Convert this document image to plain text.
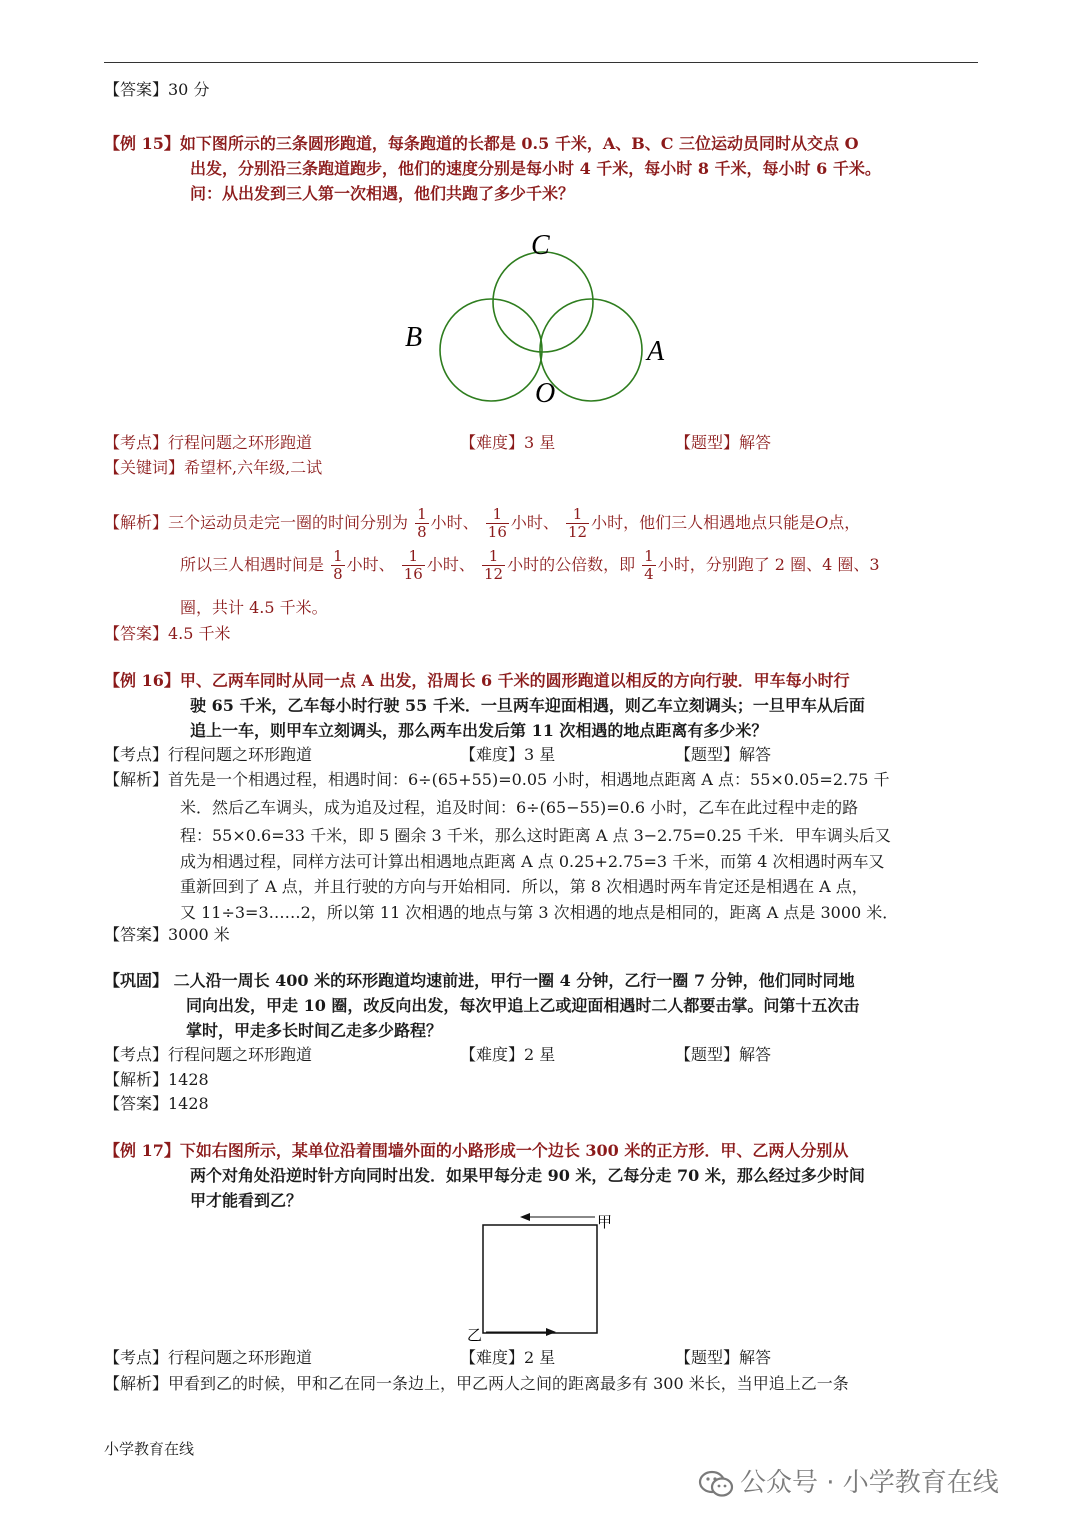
【答案】30 分
【例 15】如下图所示的三条圆形跑道，每条跑道的长都是 0.5 千米，A、B、C 三位运动员同时从交点 O
出发，分别沿三条跑道跑步，他们的速度分别是每小时 4 千米，每小时 8 千米，每小时 6 千米。
问：从出发到三人第一次相遇，他们共跑了多少千米？
C
B	A
O
【考点】行程问题之环形跑道	【难度】3 星	【题型】解答
【关键词】希望杯,六年级,二试
【解析】三个运动员走完一圈的时间分别为 $\frac{1}{8}$ 小时、 $\frac{1}{16}$ 小时、 $\frac{1}{12}$ 小时，他们三人相遇地点只能是O点，
所以三人相遇时间是 $\frac{1}{8}$ 小时、 $\frac{1}{16}$ 小时、 $\frac{1}{12}$ 小时的公倍数，即 $\frac{1}{4}$ 小时，分别跑了 2 圈、4 圈、3
圈，共计 4.5 千米。
【答案】4.5 千米
【例 16】甲、乙两车同时从同一点 A 出发，沿周长 6 千米的圆形跑道以相反的方向行驶．甲车每小时行
驶 65 千米，乙车每小时行驶 55 千米．一旦两车迎面相遇，则乙车立刻调头；一旦甲车从后面
追上一车，则甲车立刻调头，那么两车出发后第 11 次相遇的地点距离有多少米？
【考点】行程问题之环形跑道	【难度】3 星	【题型】解答
【解析】首先是一个相遇过程，相遇时间：6÷(65+55)=0.05 小时，相遇地点距离 A 点：55×0.05=2.75 千
米．然后乙车调头，成为追及过程，追及时间：6÷(65−55)=0.6 小时，乙车在此过程中走的路
程：55×0.6=33 千米，即 5 圈余 3 千米，那么这时距离 A 点 3−2.75=0.25 千米．甲车调头后又
成为相遇过程，同样方法可计算出相遇地点距离 A 点 0.25+2.75=3 千米，而第 4 次相遇时两车又
重新回到了 A 点，并且行驶的方向与开始相同．所以，第 8 次相遇时两车肯定还是相遇在 A 点，
又 11÷3=3……2，所以第 11 次相遇的地点与第 3 次相遇的地点是相同的，距离 A 点是 3000 米．
【答案】3000 米
【巩固】 二人沿一周长 400 米的环形跑道均速前进，甲行一圈 4 分钟，乙行一圈 7 分钟，他们同时同地
同向出发，甲走 10 圈，改反向出发，每次甲追上乙或迎面相遇时二人都要击掌。问第十五次击
掌时，甲走多长时间乙走多少路程？
【考点】行程问题之环形跑道	【难度】2 星	【题型】解答
【解析】1428
【答案】1428
【例 17】下如右图所示，某单位沿着围墙外面的小路形成一个边长 300 米的正方形．甲、乙两人分别从
两个对角处沿逆时针方向同时出发．如果甲每分走 90 米，乙每分走 70 米，那么经过多少时间
甲才能看到乙？
甲
乙
【考点】行程问题之环形跑道	【难度】2 星	【题型】解答
【解析】甲看到乙的时候，甲和乙在同一条边上，甲乙两人之间的距离最多有 300 米长，当甲追上乙一条
小学教育在线
公众号 · 小学教育在线
